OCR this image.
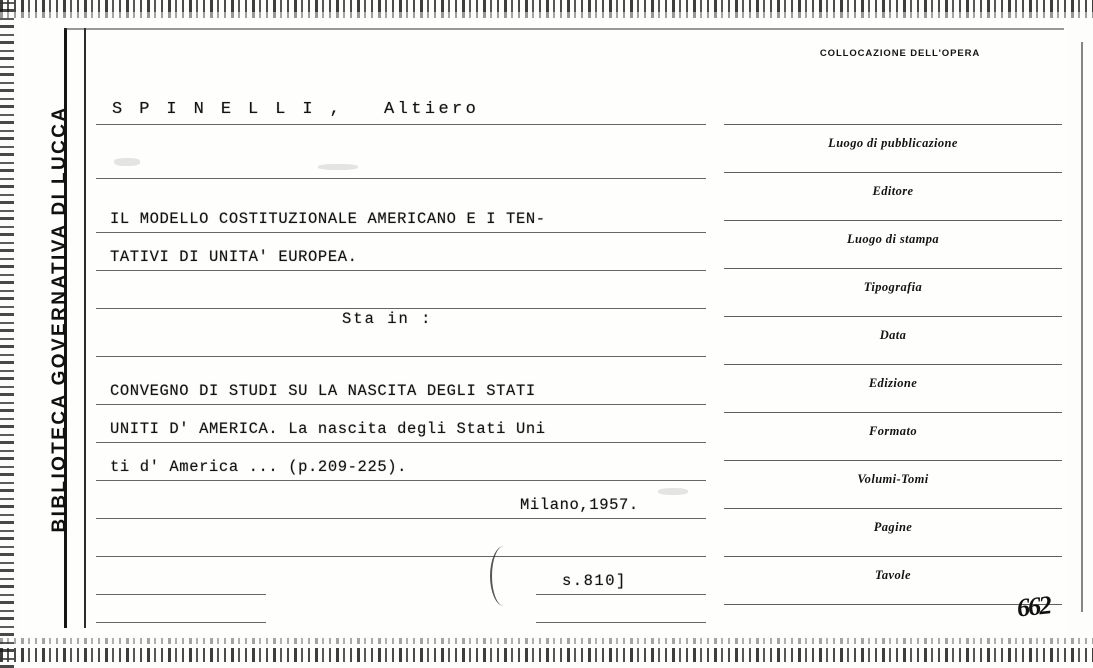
BIBLIOTECA GOVERNATIVA DI LUCCA S P I N E L L I ,   Altiero
IL MODELLO COSTITUZIONALE AMERICANO E I TEN-
TATIVI DI UNITA' EUROPEA.
Sta in :
CONVEGNO DI STUDI SU LA NASCITA DEGLI STATI
UNITI D' AMERICA. La nascita degli Stati Uni
ti d' America ... (p.209-225).
Milano,1957.
s.810]
COLLOCAZIONE DELL'OPERA
Luogo di pubblicazione
Editore
Luogo di stampa
Tipografia
Data
Edizione
Formato
Volumi-Tomi
Pagine
Tavole
662
